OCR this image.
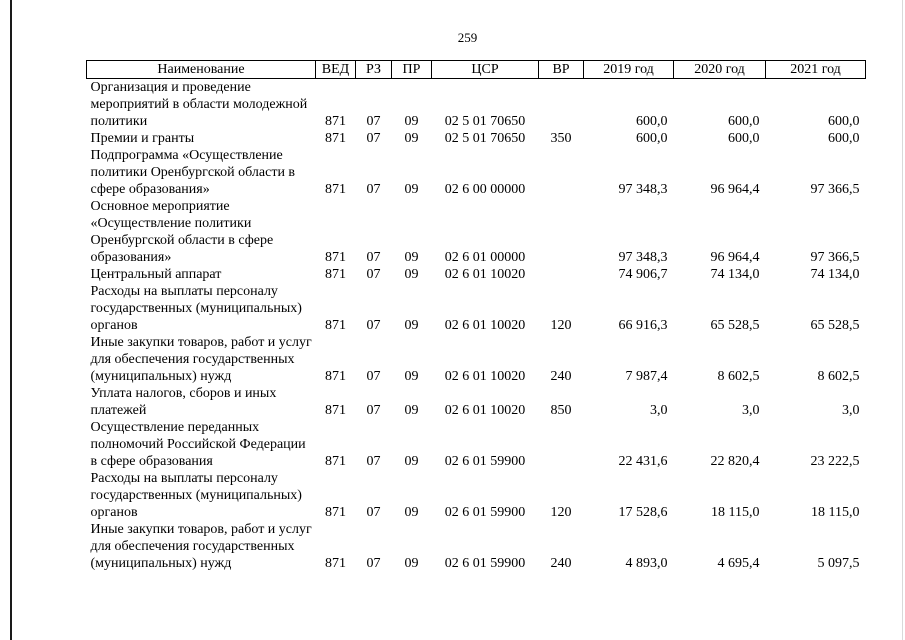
259
Наименование	ВЕД	РЗ	ПР	ЦСР	ВР	2019 год	2020 год	2021 год
Организация и проведение мероприятий в области молодежной политики	871	07	09	02 5 01 70650		600,0	600,0	600,0
Премии и гранты	871	07	09	02 5 01 70650	350	600,0	600,0	600,0
Подпрограмма «Осуществление политики Оренбургской области в сфере образования»	871	07	09	02 6 00 00000		97 348,3	96 964,4	97 366,5
Основное мероприятие «Осуществление политики Оренбургской области в сфере образования»	871	07	09	02 6 01 00000		97 348,3	96 964,4	97 366,5
Центральный аппарат	871	07	09	02 6 01 10020		74 906,7	74 134,0	74 134,0
Расходы на выплаты персоналу государственных (муниципальных) органов	871	07	09	02 6 01 10020	120	66 916,3	65 528,5	65 528,5
Иные закупки товаров, работ и услуг для обеспечения государственных (муниципальных) нужд	871	07	09	02 6 01 10020	240	7 987,4	8 602,5	8 602,5
Уплата налогов, сборов и иных платежей	871	07	09	02 6 01 10020	850	3,0	3,0	3,0
Осуществление переданных полномочий Российской Федерации в сфере образования	871	07	09	02 6 01 59900		22 431,6	22 820,4	23 222,5
Расходы на выплаты персоналу государственных (муниципальных) органов	871	07	09	02 6 01 59900	120	17 528,6	18 115,0	18 115,0
Иные закупки товаров, работ и услуг для обеспечения государственных (муниципальных) нужд	871	07	09	02 6 01 59900	240	4 893,0	4 695,4	5 097,5
